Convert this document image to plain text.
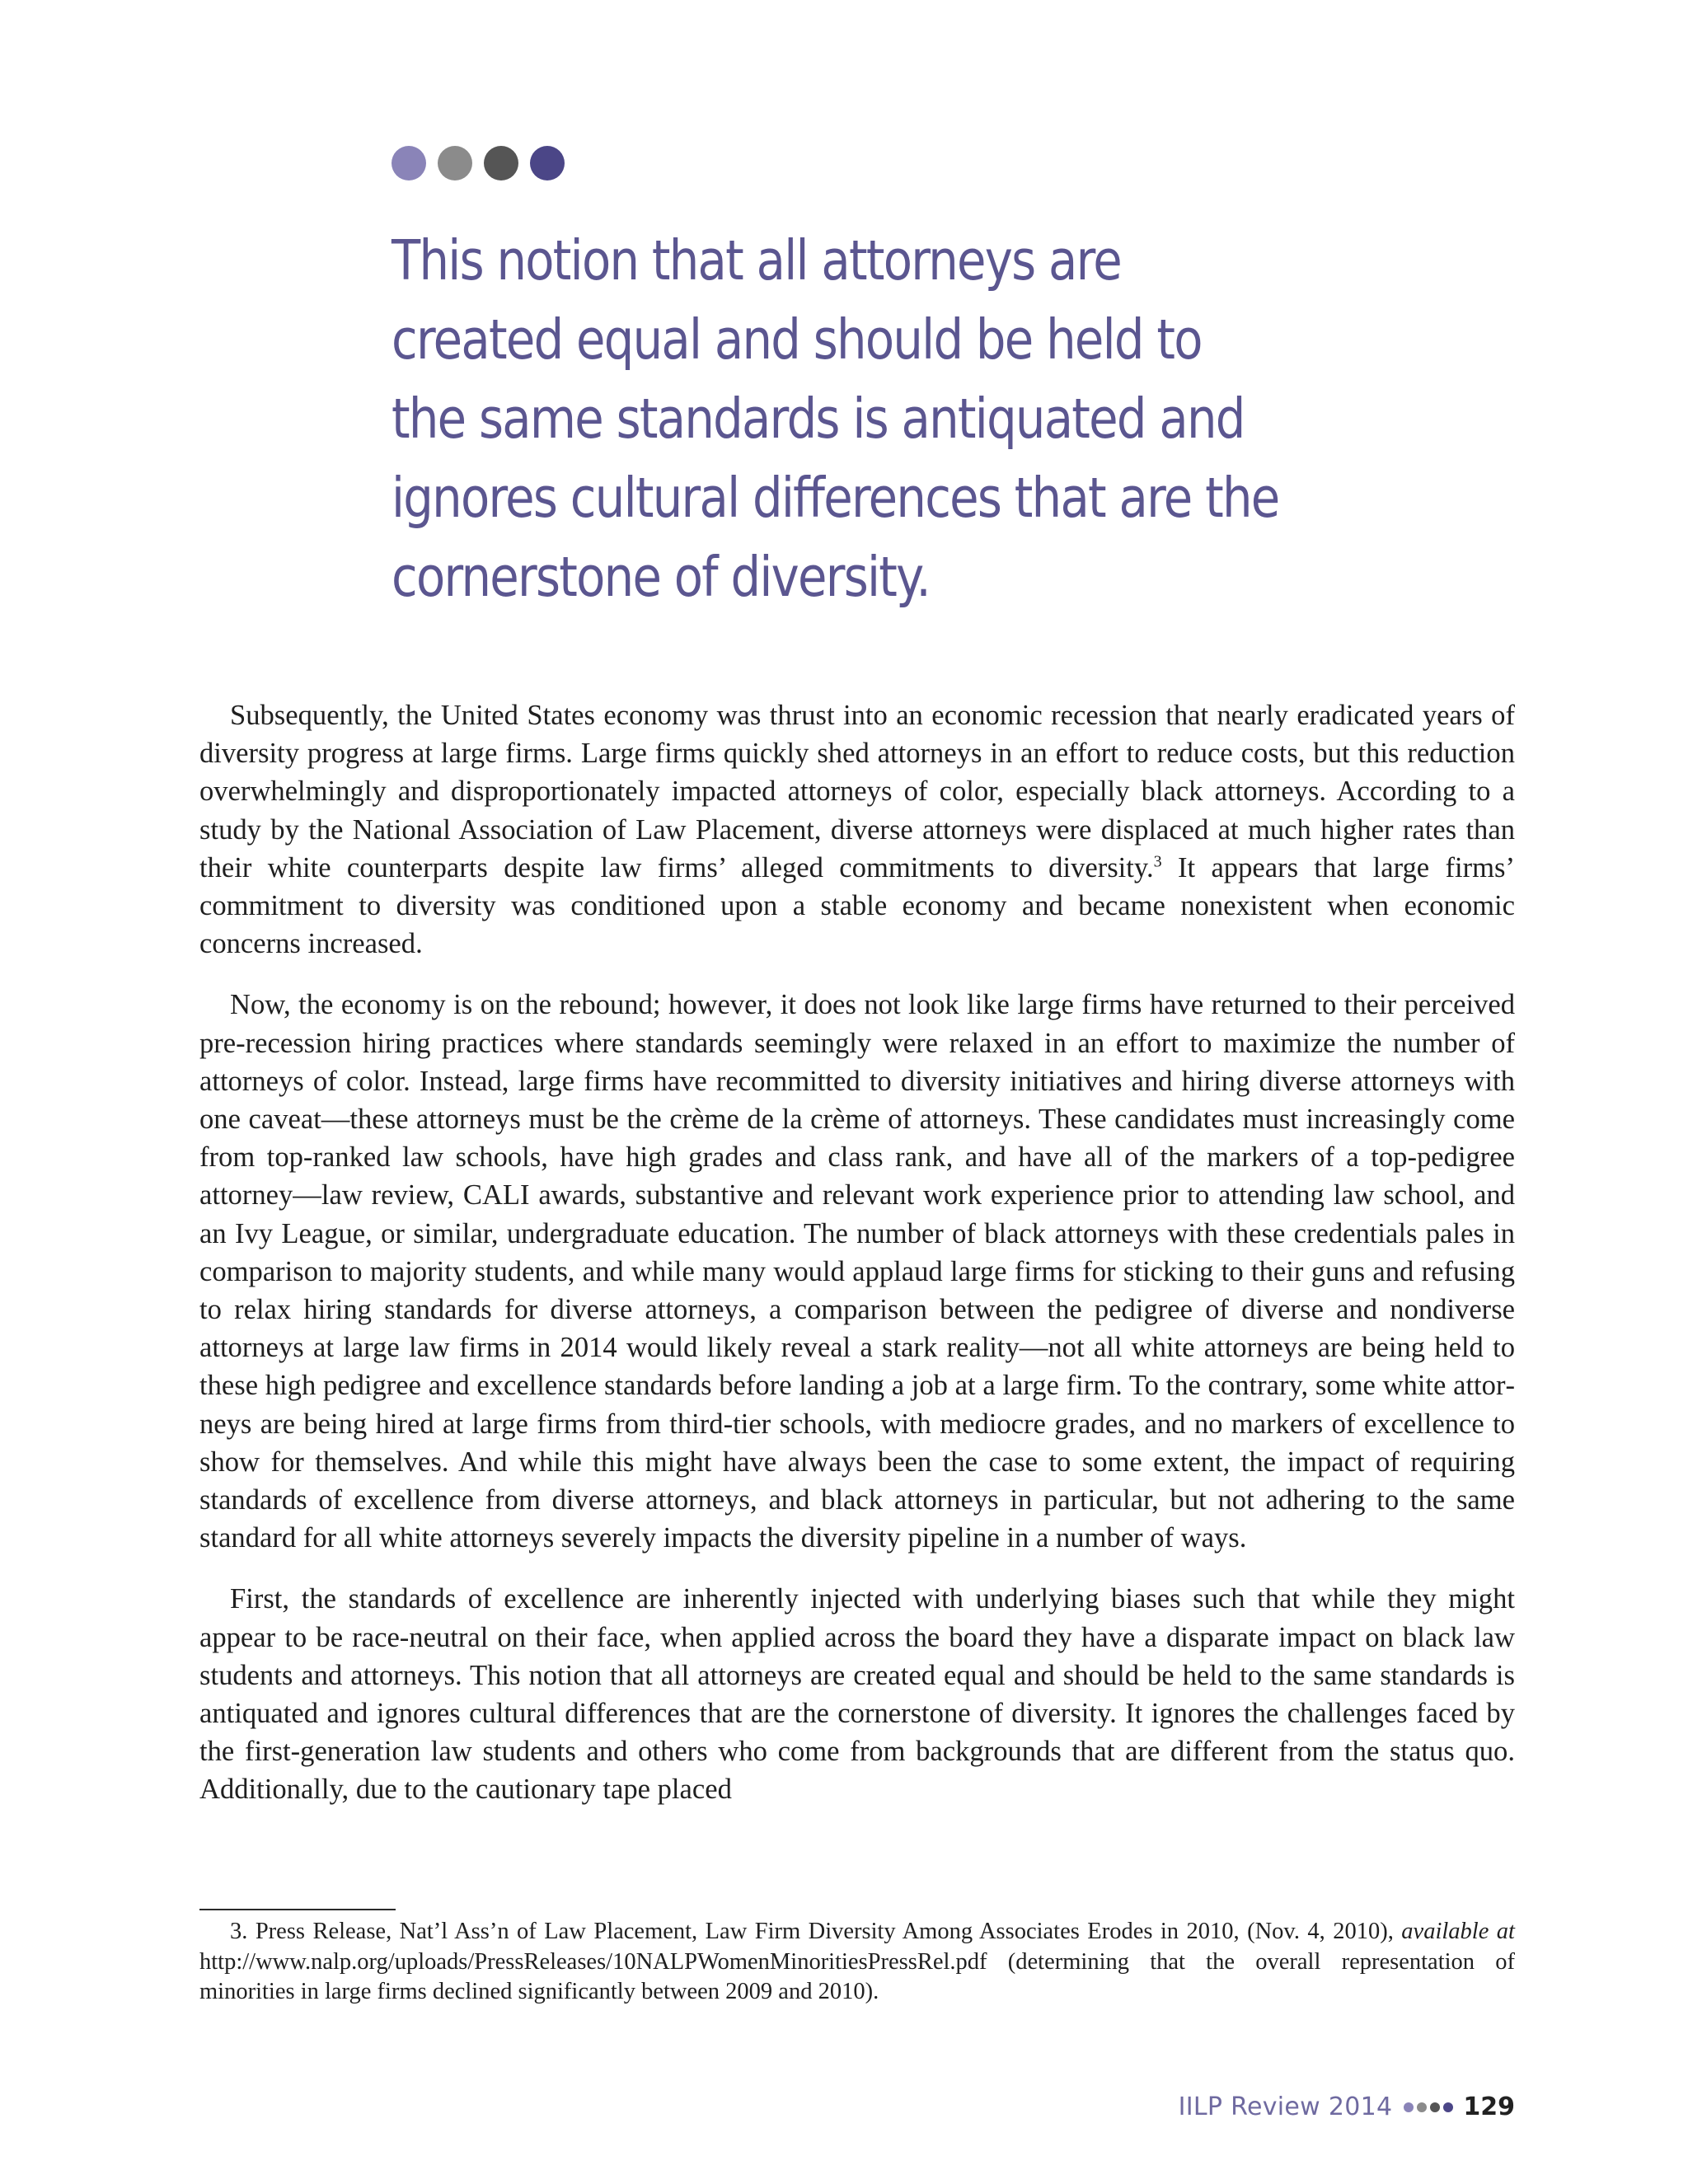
This notion that all attorneys are
created equal and should be held to
the same standards is antiquated and
ignores cultural differences that are the
cornerstone of diversity.

Subsequently, the United States economy was thrust into an economic recession that nearly eradicated years of diversity progress at large firms. Large firms quickly shed attorneys in an effort to reduce costs, but this reduction overwhelmingly and disproportionately impacted attorneys of color, especially black attorneys. According to a study by the National Association of Law Placement, diverse attorneys were displaced at much higher rates than their white counterparts despite law firms’ alleged commitments to diversity.$^3$ It appears that large firms’ commitment to diversity was conditioned upon a stable economy and became nonexistent when economic concerns increased.

Now, the economy is on the rebound; however, it does not look like large firms have returned to their perceived pre-recession hiring practices where standards seemingly were relaxed in an effort to maximize the number of attorneys of color. Instead, large firms have recommitted to diversity initiatives and hiring diverse attorneys with one caveat—these attorneys must be the crème de la crème of attorneys. These candidates must increasingly come from top-ranked law schools, have high grades and class rank, and have all of the markers of a top-pedigree attorney—law review, CALI awards, substantive and relevant work experience prior to attending law school, and an Ivy League, or similar, undergraduate education. The number of black attorneys with these credentials pales in comparison to majority students, and while many would applaud large firms for sticking to their guns and refusing to relax hiring standards for diverse attorneys, a comparison between the pedigree of diverse and nondiverse attorneys at large law firms in 2014 would likely reveal a stark reality—not all white attorneys are being held to these high pedigree and excellence standards before landing a job at a large firm. To the contrary, some white attorneys are being hired at large firms from third-tier schools, with mediocre grades, and no markers of excellence to show for themselves. And while this might have always been the case to some extent, the impact of requiring standards of excellence from diverse attorneys, and black attorneys in particular, but not adhering to the same standard for all white attorneys severely impacts the diversity pipeline in a number of ways.

First, the standards of excellence are inherently injected with underlying biases such that while they might appear to be race-neutral on their face, when applied across the board they have a disparate impact on black law students and attorneys. This notion that all attorneys are created equal and should be held to the same standards is antiquated and ignores cultural differences that are the cornerstone of diversity. It ignores the challenges faced by the first-generation law students and others who come from backgrounds that are different from the status quo. Additionally, due to the cautionary tape placed

3. Press Release, Nat’l Ass’n of Law Placement, Law Firm Diversity Among Associates Erodes in 2010, (Nov. 4, 2010), available at http://www.nalp.org/uploads/PressReleases/10NALPWomenMinoritiesPressRel.pdf (determining that the overall representation of minorities in large firms declined significantly between 2009 and 2010).

IILP Review 2014	129
